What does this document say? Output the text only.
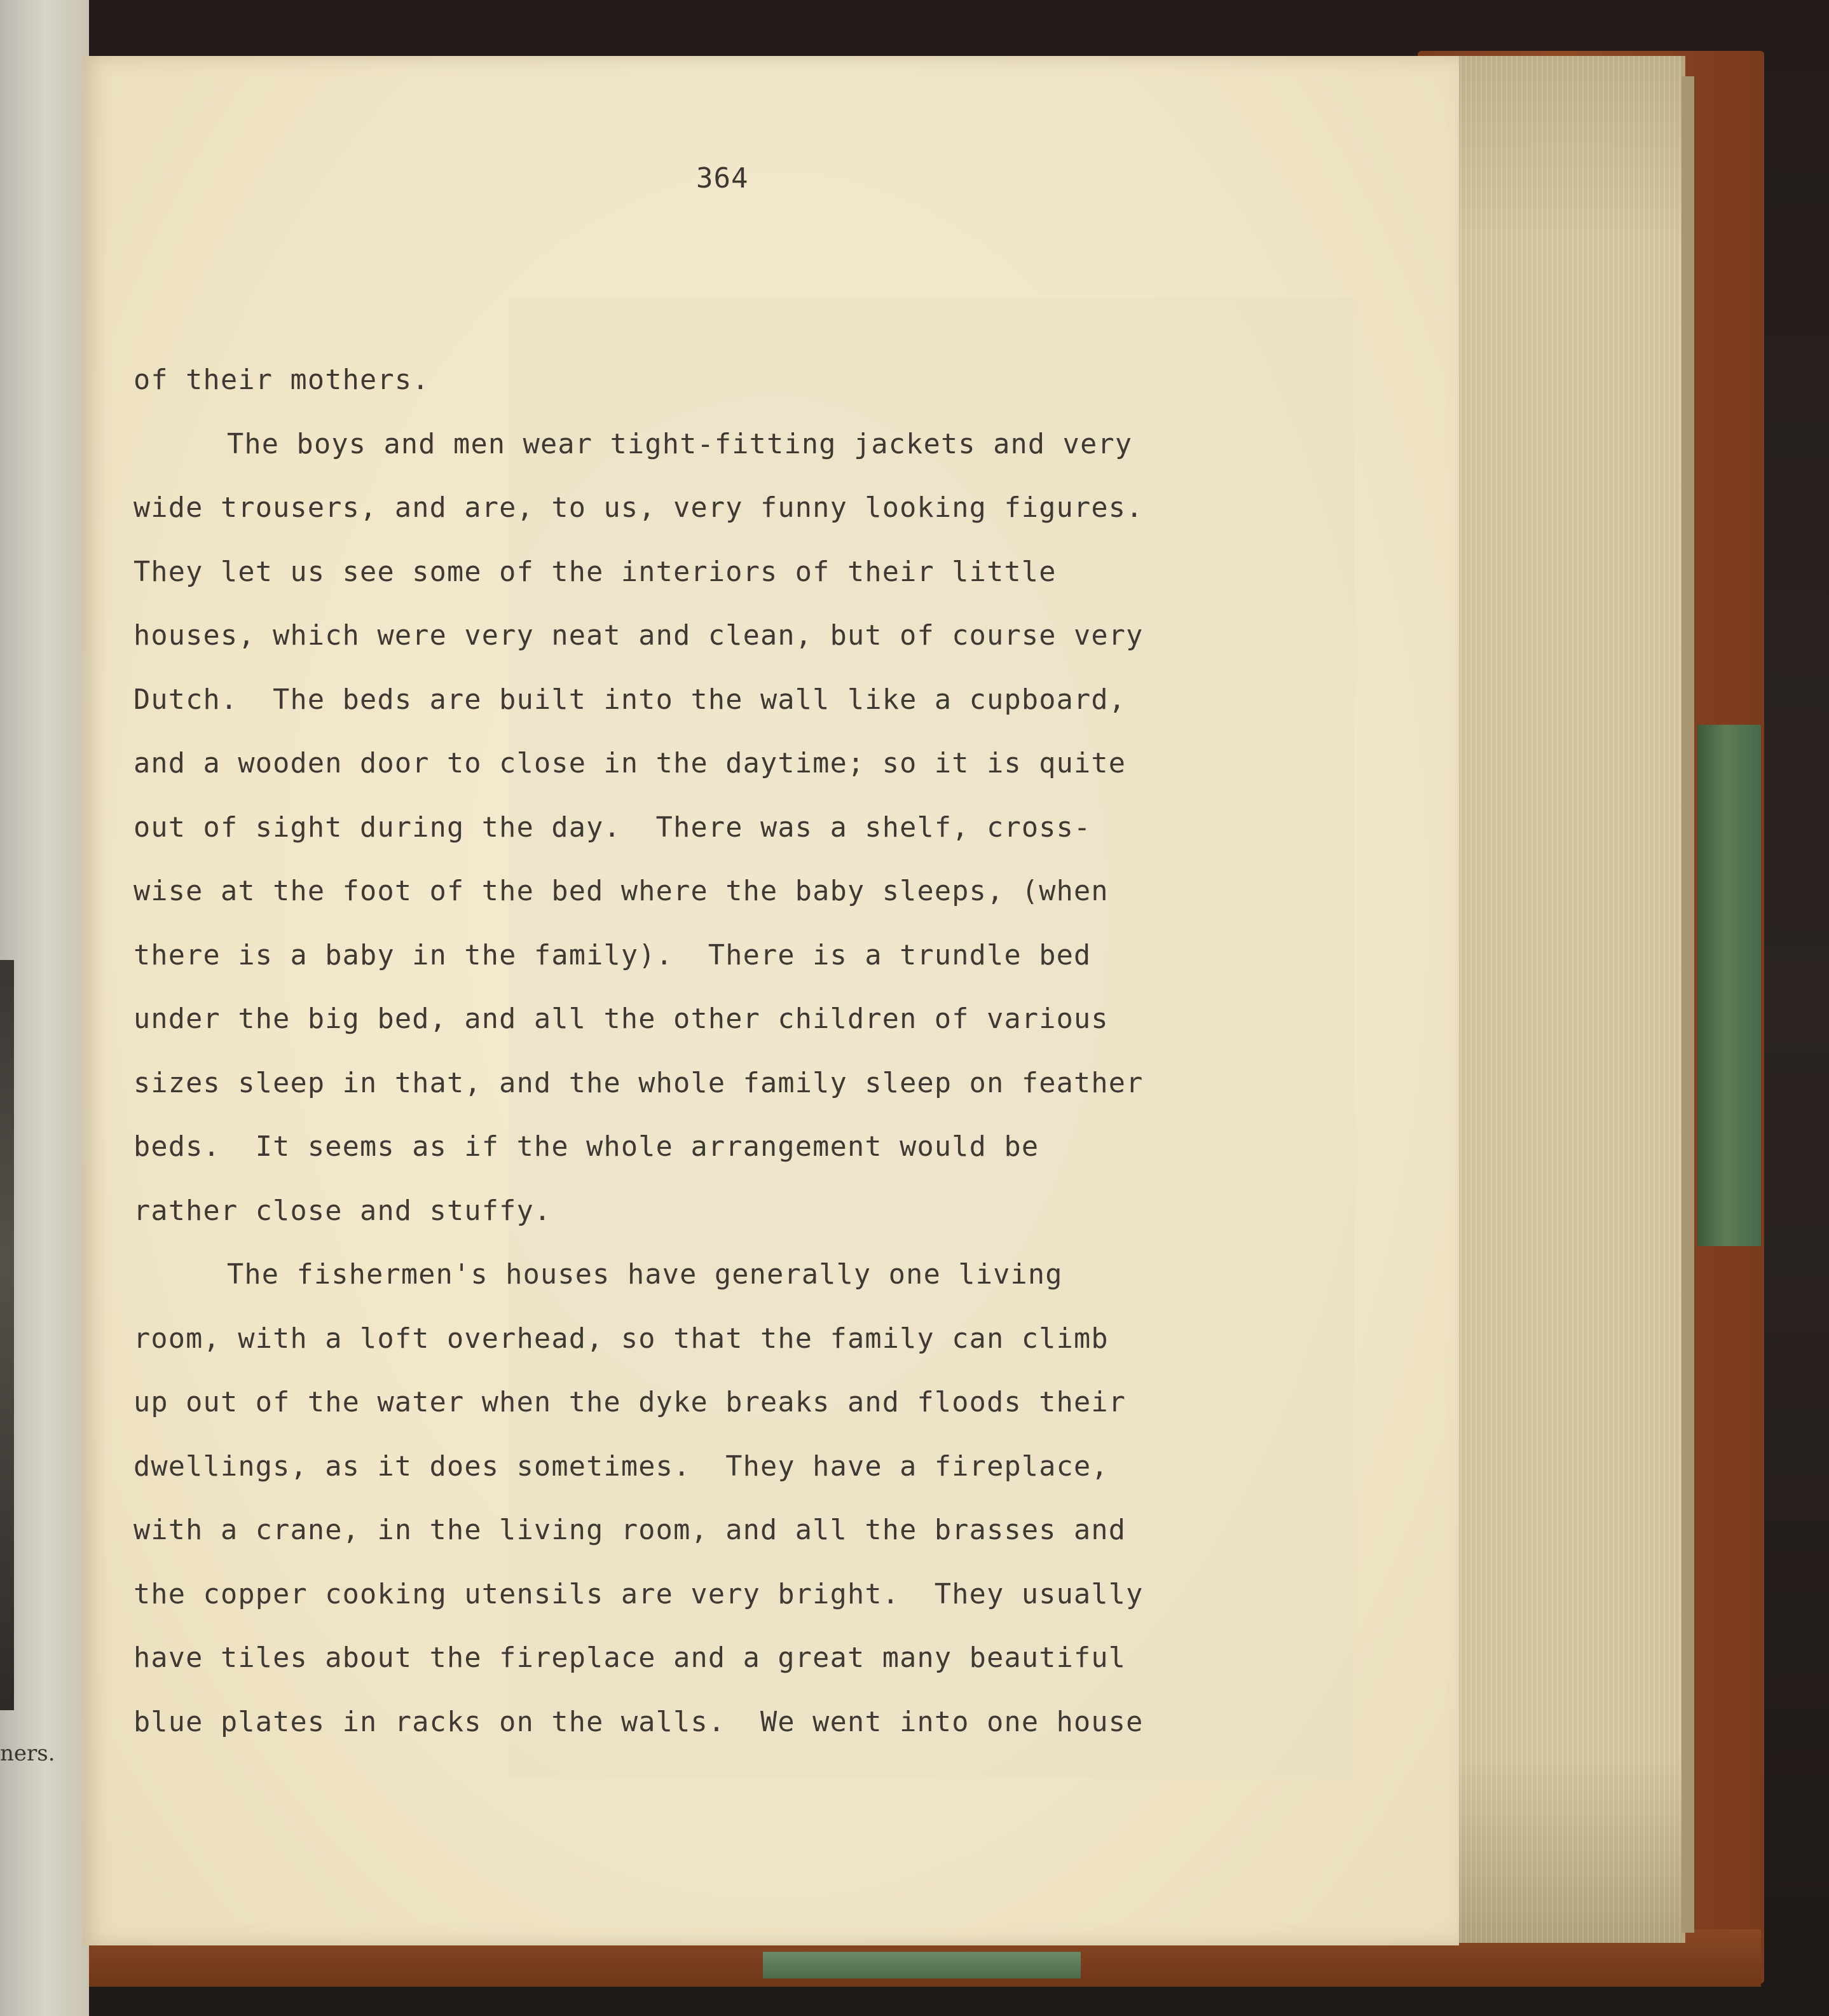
ners.
364
of their mothers.
The boys and men wear tight-fitting jackets and very
wide trousers, and are, to us, very funny looking figures.
They let us see some of the interiors of their little
houses, which were very neat and clean, but of course very
Dutch.  The beds are built into the wall like a cupboard,
and a wooden door to close in the daytime; so it is quite
out of sight during the day.  There was a shelf, cross-
wise at the foot of the bed where the baby sleeps, (when
there is a baby in the family).  There is a trundle bed
under the big bed, and all the other children of various
sizes sleep in that, and the whole family sleep on feather
beds.  It seems as if the whole arrangement would be
rather close and stuffy.
The fishermen's houses have generally one living
room, with a loft overhead, so that the family can climb
up out of the water when the dyke breaks and floods their
dwellings, as it does sometimes.  They have a fireplace,
with a crane, in the living room, and all the brasses and
the copper cooking utensils are very bright.  They usually
have tiles about the fireplace and a great many beautiful
blue plates in racks on the walls.  We went into one house
